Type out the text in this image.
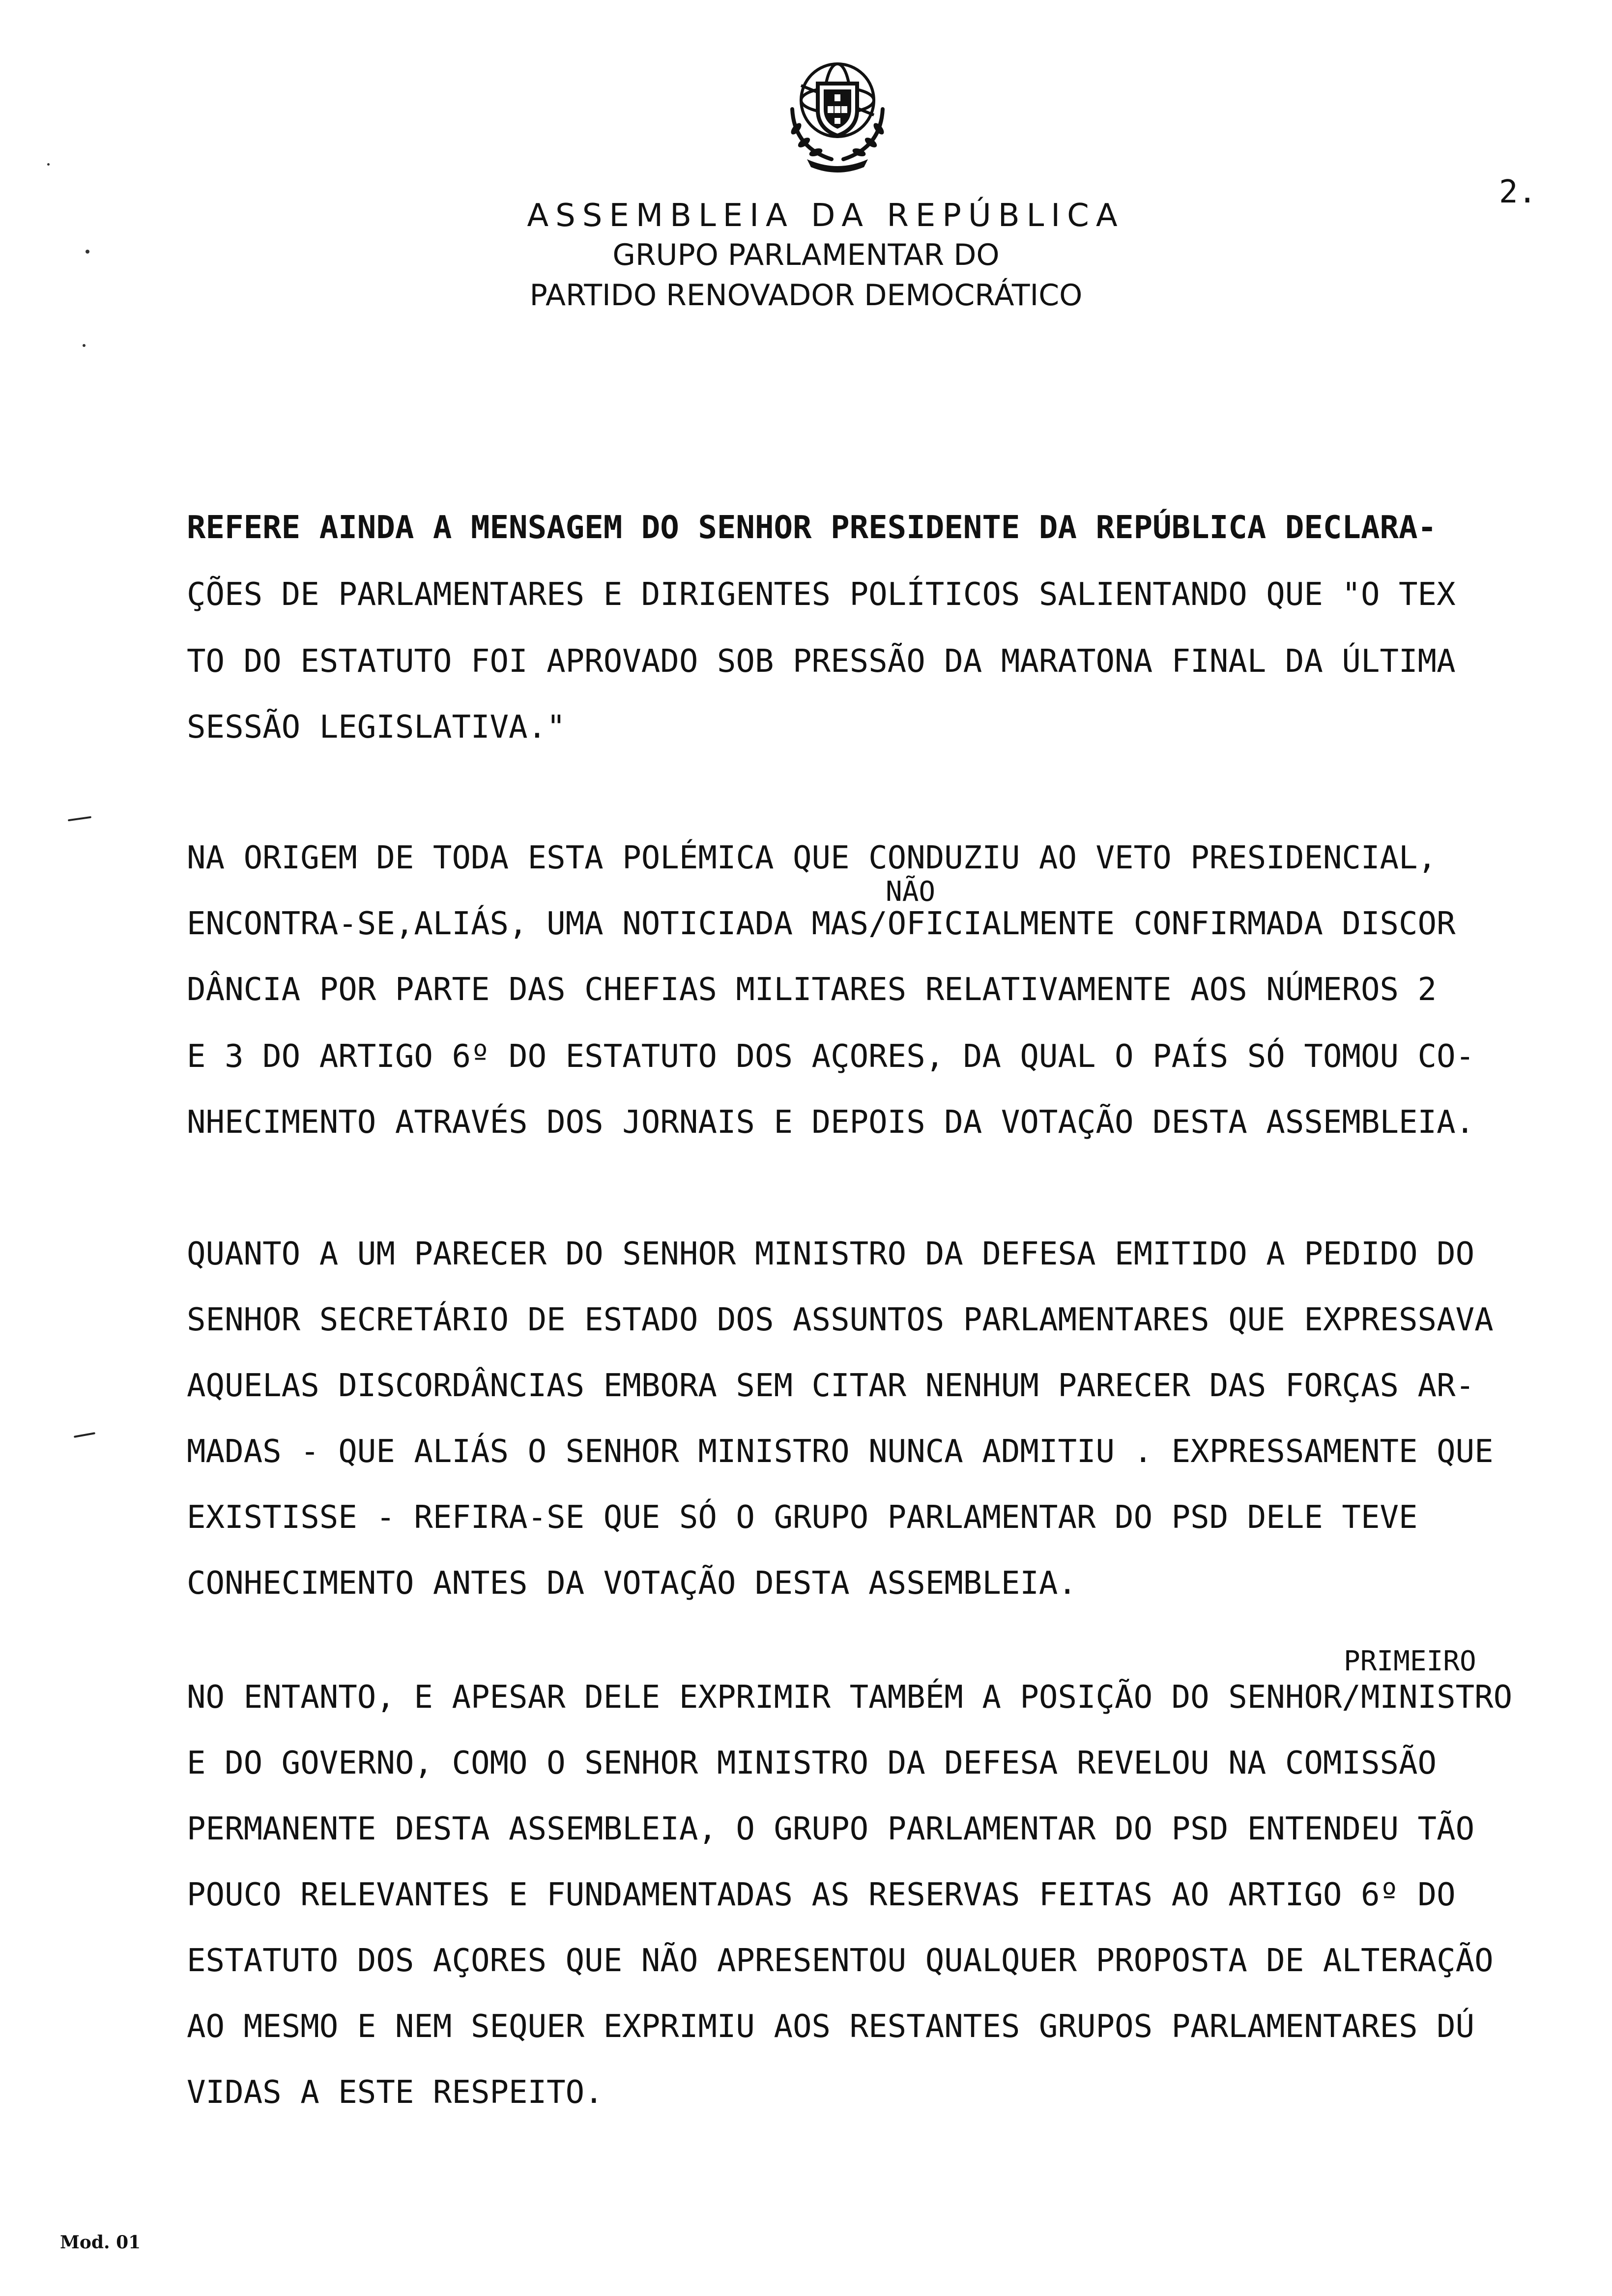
ASSEMBLEIA DA REPÚBLICA
GRUPO PARLAMENTAR DO
PARTIDO RENOVADOR DEMOCRÁTICO
2.
REFERE AINDA A MENSAGEM DO SENHOR PRESIDENTE DA REPÚBLICA DECLARA-
ÇÕES DE PARLAMENTARES E DIRIGENTES POLÍTICOS SALIENTANDO QUE "O TEX
TO DO ESTATUTO FOI APROVADO SOB PRESSÃO DA MARATONA FINAL DA ÚLTIMA
SESSÃO LEGISLATIVA."
NÃO
NA ORIGEM DE TODA ESTA POLÉMICA QUE CONDUZIU AO VETO PRESIDENCIAL,
ENCONTRA-SE,ALIÁS, UMA NOTICIADA MAS/OFICIALMENTE CONFIRMADA DISCOR
DÂNCIA POR PARTE DAS CHEFIAS MILITARES RELATIVAMENTE AOS NÚMEROS 2
E 3 DO ARTIGO 6º DO ESTATUTO DOS AÇORES, DA QUAL O PAÍS SÓ TOMOU CO-
NHECIMENTO ATRAVÉS DOS JORNAIS E DEPOIS DA VOTAÇÃO DESTA ASSEMBLEIA.
QUANTO A UM PARECER DO SENHOR MINISTRO DA DEFESA EMITIDO A PEDIDO DO
SENHOR SECRETÁRIO DE ESTADO DOS ASSUNTOS PARLAMENTARES QUE EXPRESSAVA
AQUELAS DISCORDÂNCIAS EMBORA SEM CITAR NENHUM PARECER DAS FORÇAS AR-
MADAS - QUE ALIÁS O SENHOR MINISTRO NUNCA ADMITIU . EXPRESSAMENTE QUE
EXISTISSE - REFIRA-SE QUE SÓ O GRUPO PARLAMENTAR DO PSD DELE TEVE
CONHECIMENTO ANTES DA VOTAÇÃO DESTA ASSEMBLEIA.
PRIMEIRO
NO ENTANTO, E APESAR DELE EXPRIMIR TAMBÉM A POSIÇÃO DO SENHOR/MINISTRO
E DO GOVERNO, COMO O SENHOR MINISTRO DA DEFESA REVELOU NA COMISSÃO
PERMANENTE DESTA ASSEMBLEIA, O GRUPO PARLAMENTAR DO PSD ENTENDEU TÃO
POUCO RELEVANTES E FUNDAMENTADAS AS RESERVAS FEITAS AO ARTIGO 6º DO
ESTATUTO DOS AÇORES QUE NÃO APRESENTOU QUALQUER PROPOSTA DE ALTERAÇÃO
AO MESMO E NEM SEQUER EXPRIMIU AOS RESTANTES GRUPOS PARLAMENTARES DÚ
VIDAS A ESTE RESPEITO.
Mod. 01
